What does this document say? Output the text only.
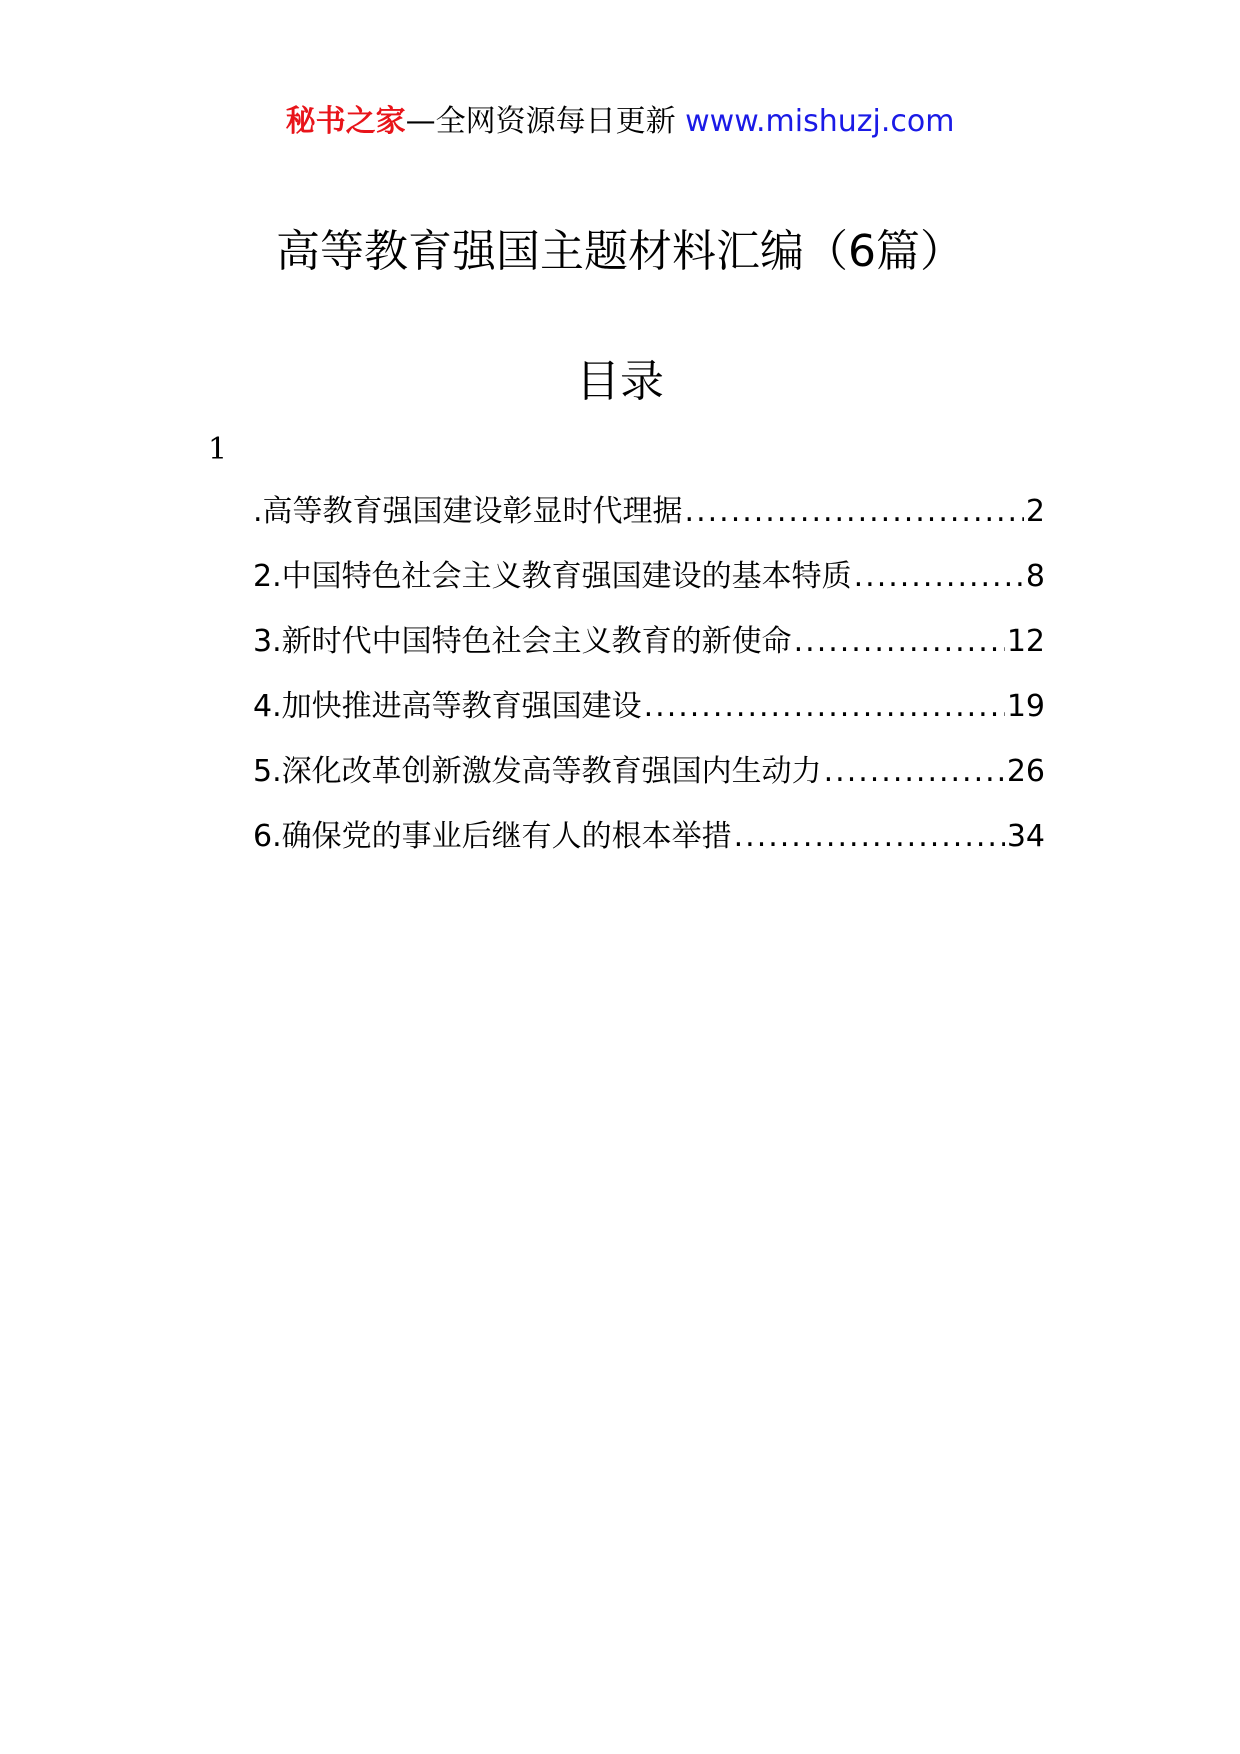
秘书之家—全网资源每日更新 www.mishuzj.com
高等教育强国主题材料汇编（6篇）
目录
1
.高等教育强国建设彰显时代理据 .....	2
2.中国特色社会主义教育强国建设的基本特质 .....	8
3.新时代中国特色社会主义教育的新使命 .....	12
4.加快推进高等教育强国建设 .....	19
5.深化改革创新激发高等教育强国内生动力 .....	26
6.确保党的事业后继有人的根本举措 .....	34
